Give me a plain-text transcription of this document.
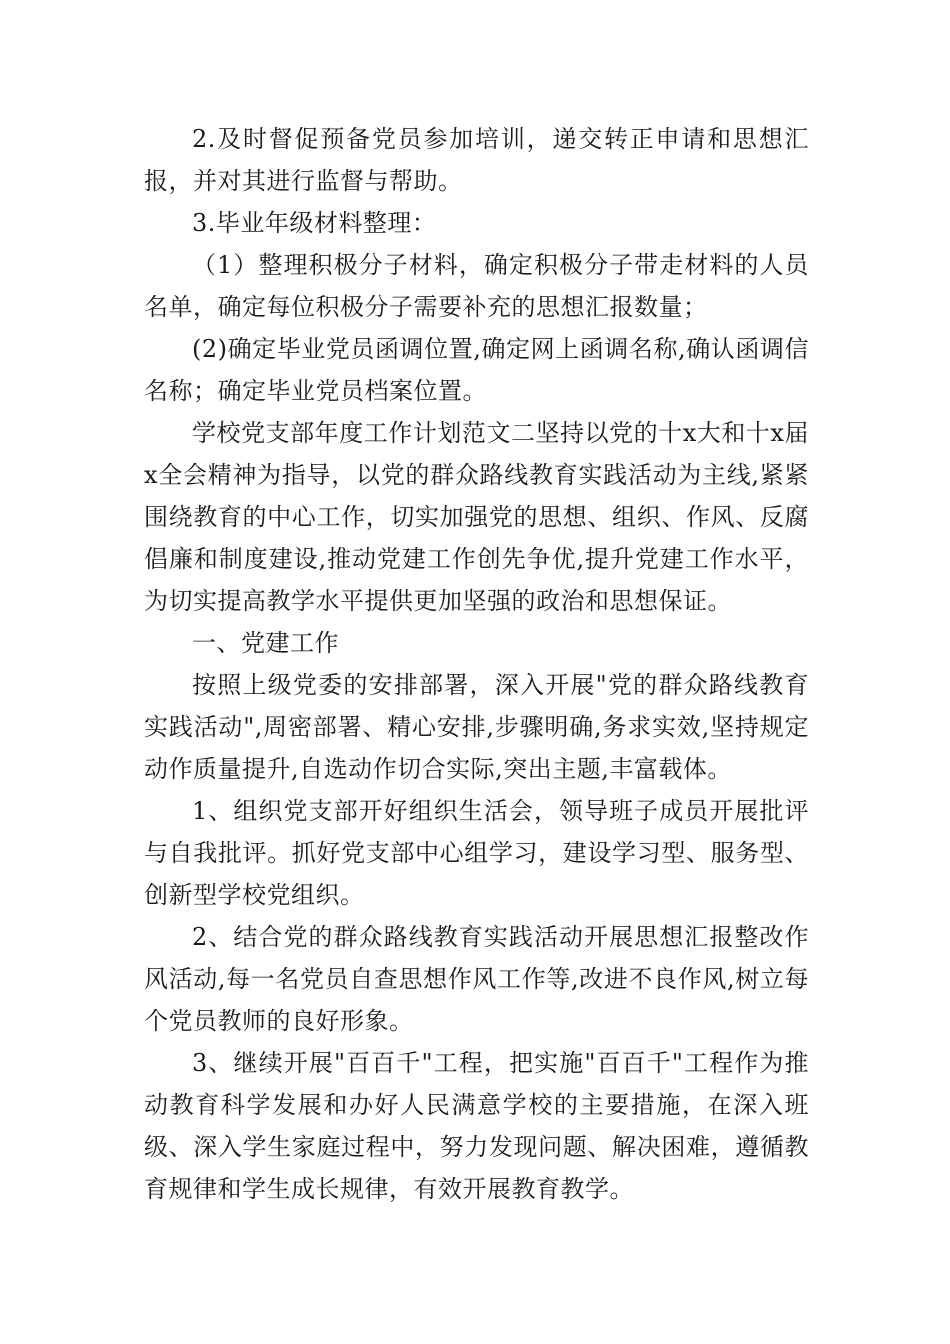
2.及时督促预备党员参加培训，递交转正申请和思想汇报，并对其进行监督与帮助。

3.毕业年级材料整理：

（1）整理积极分子材料，确定积极分子带走材料的人员名单，确定每位积极分子需要补充的思想汇报数量；

(2)确定毕业党员函调位置,确定网上函调名称,确认函调信名称；确定毕业党员档案位置。

学校党支部年度工作计划范文二坚持以党的十x大和十x届x全会精神为指导，以党的群众路线教育实践活动为主线,紧紧围绕教育的中心工作，切实加强党的思想、组织、作风、反腐倡廉和制度建设,推动党建工作创先争优,提升党建工作水平，为切实提高教学水平提供更加坚强的政治和思想保证。

一、党建工作

按照上级党委的安排部署，深入开展"党的群众路线教育实践活动",周密部署、精心安排,步骤明确,务求实效,坚持规定动作质量提升,自选动作切合实际,突出主题,丰富载体。

1、组织党支部开好组织生活会，领导班子成员开展批评与自我批评。抓好党支部中心组学习，建设学习型、服务型、创新型学校党组织。

2、结合党的群众路线教育实践活动开展思想汇报整改作风活动,每一名党员自查思想作风工作等,改进不良作风,树立每个党员教师的良好形象。

3、继续开展"百百千"工程，把实施"百百千"工程作为推动教育科学发展和办好人民满意学校的主要措施，在深入班级、深入学生家庭过程中，努力发现问题、解决困难，遵循教育规律和学生成长规律，有效开展教育教学。
